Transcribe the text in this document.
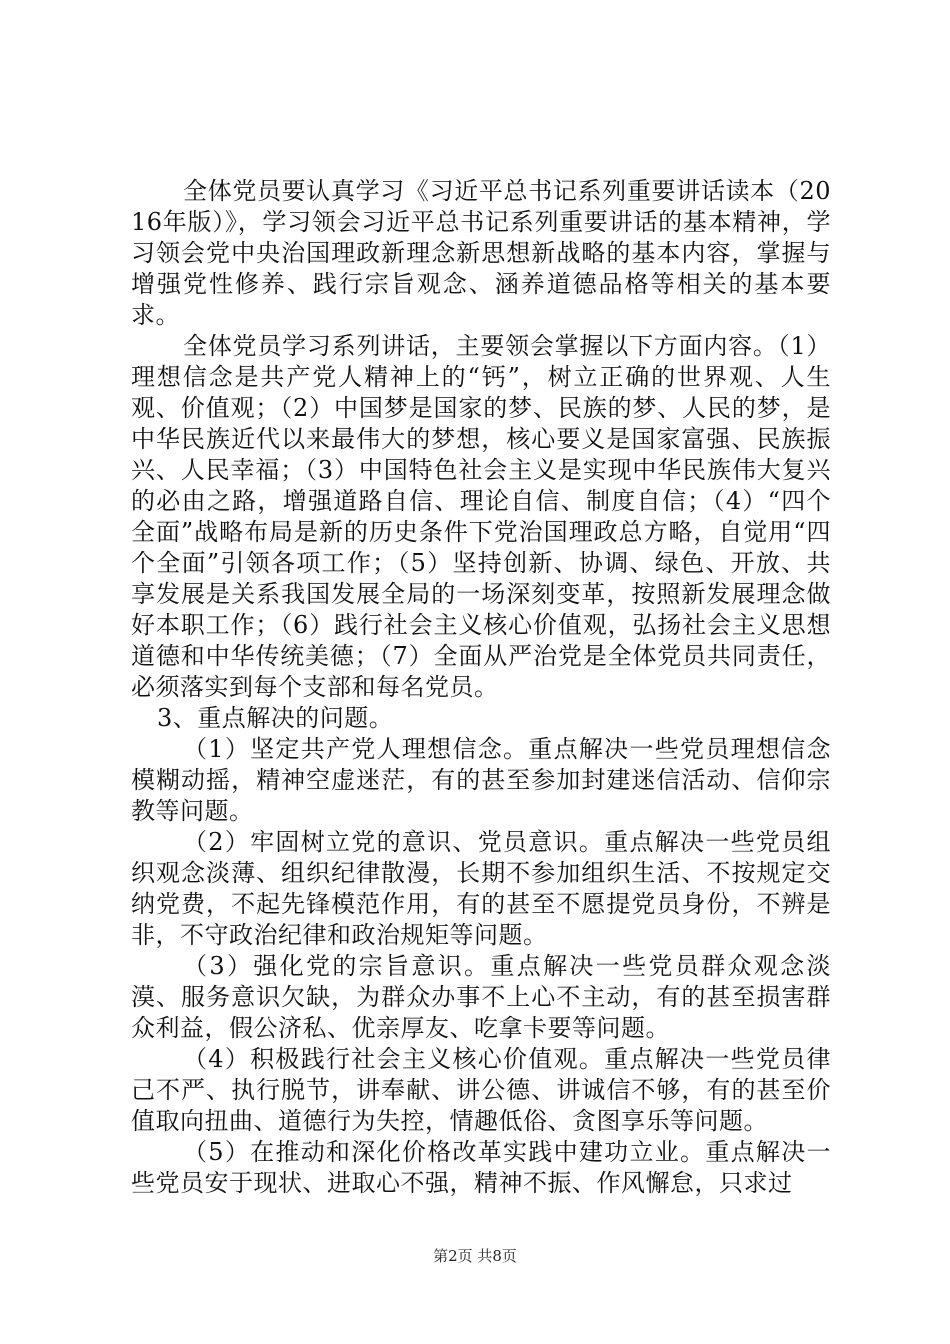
全体党员要认真学习《习近平总书记系列重要讲话读本（2016年版）》，学习领会习近平总书记系列重要讲话的基本精神，学习领会党中央治国理政新理念新思想新战略的基本内容，掌握与增强党性修养、践行宗旨观念、涵养道德品格等相关的基本要求。

全体党员学习系列讲话，主要领会掌握以下方面内容。（1）理想信念是共产党人精神上的“钙”，树立正确的世界观、人生观、价值观；（2）中国梦是国家的梦、民族的梦、人民的梦，是中华民族近代以来最伟大的梦想，核心要义是国家富强、民族振兴、人民幸福；（3）中国特色社会主义是实现中华民族伟大复兴的必由之路，增强道路自信、理论自信、制度自信；（4）“四个全面”战略布局是新的历史条件下党治国理政总方略，自觉用“四个全面”引领各项工作；（5）坚持创新、协调、绿色、开放、共享发展是关系我国发展全局的一场深刻变革，按照新发展理念做好本职工作；（6）践行社会主义核心价值观，弘扬社会主义思想道德和中华传统美德；（7）全面从严治党是全体党员共同责任，必须落实到每个支部和每名党员。

3、重点解决的问题。

（1）坚定共产党人理想信念。重点解决一些党员理想信念模糊动摇，精神空虚迷茫，有的甚至参加封建迷信活动、信仰宗教等问题。

（2）牢固树立党的意识、党员意识。重点解决一些党员组织观念淡薄、组织纪律散漫，长期不参加组织生活、不按规定交纳党费，不起先锋模范作用，有的甚至不愿提党员身份，不辨是非，不守政治纪律和政治规矩等问题。

（3）强化党的宗旨意识。重点解决一些党员群众观念淡漠、服务意识欠缺，为群众办事不上心不主动，有的甚至损害群众利益，假公济私、优亲厚友、吃拿卡要等问题。

（4）积极践行社会主义核心价值观。重点解决一些党员律己不严、执行脱节，讲奉献、讲公德、讲诚信不够，有的甚至价值取向扭曲、道德行为失控，情趣低俗、贪图享乐等问题。

（5）在推动和深化价格改革实践中建功立业。重点解决一些党员安于现状、进取心不强，精神不振、作风懈怠，只求过

第2页 共8页
